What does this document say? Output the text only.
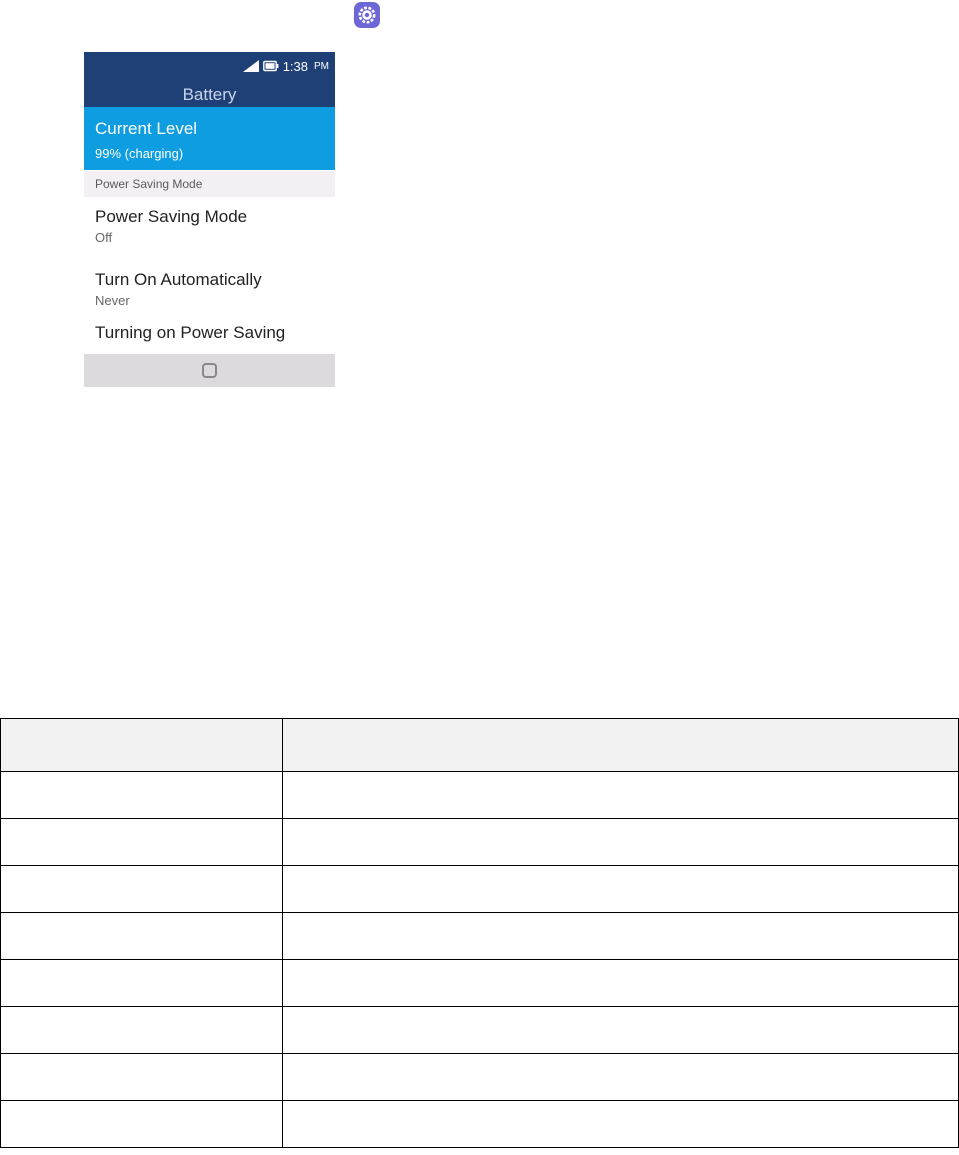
1:38 PM
Battery
Current Level
99% (charging)
Power Saving Mode
Power Saving Mode
Off
Turn On Automatically
Never
Turning on Power Saving
